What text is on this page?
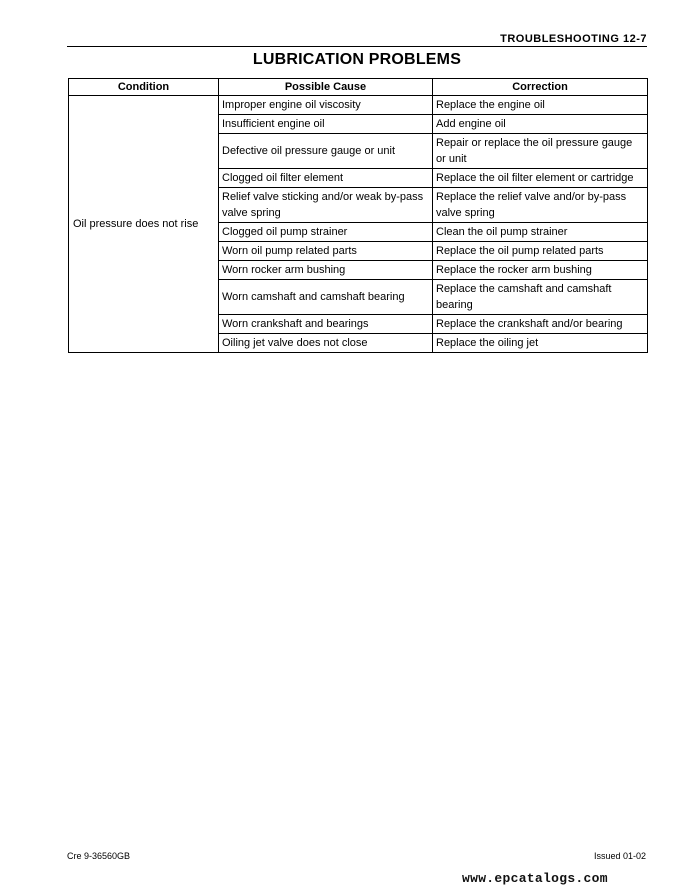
TROUBLESHOOTING 12-7
LUBRICATION PROBLEMS
Condition	Possible Cause	Correction
Oil pressure does not rise	Improper engine oil viscosity	Replace the engine oil
	Insufficient engine oil	Add engine oil
	Defective oil pressure gauge or unit	Repair or replace the oil pressure gauge or unit
	Clogged oil filter element	Replace the oil filter element or cartridge
	Relief valve sticking and/or weak by-pass valve spring	Replace the relief valve and/or by-pass valve spring
	Clogged oil pump strainer	Clean the oil pump strainer
	Worn oil pump related parts	Replace the oil pump related parts
	Worn rocker arm bushing	Replace the rocker arm bushing
	Worn camshaft and camshaft bearing	Replace the camshaft and camshaft bearing
	Worn crankshaft and bearings	Replace the crankshaft and/or bearing
	Oiling jet valve does not close	Replace the oiling jet
Cre 9-36560GB	Issued 01-02
www.epcatalogs.com
